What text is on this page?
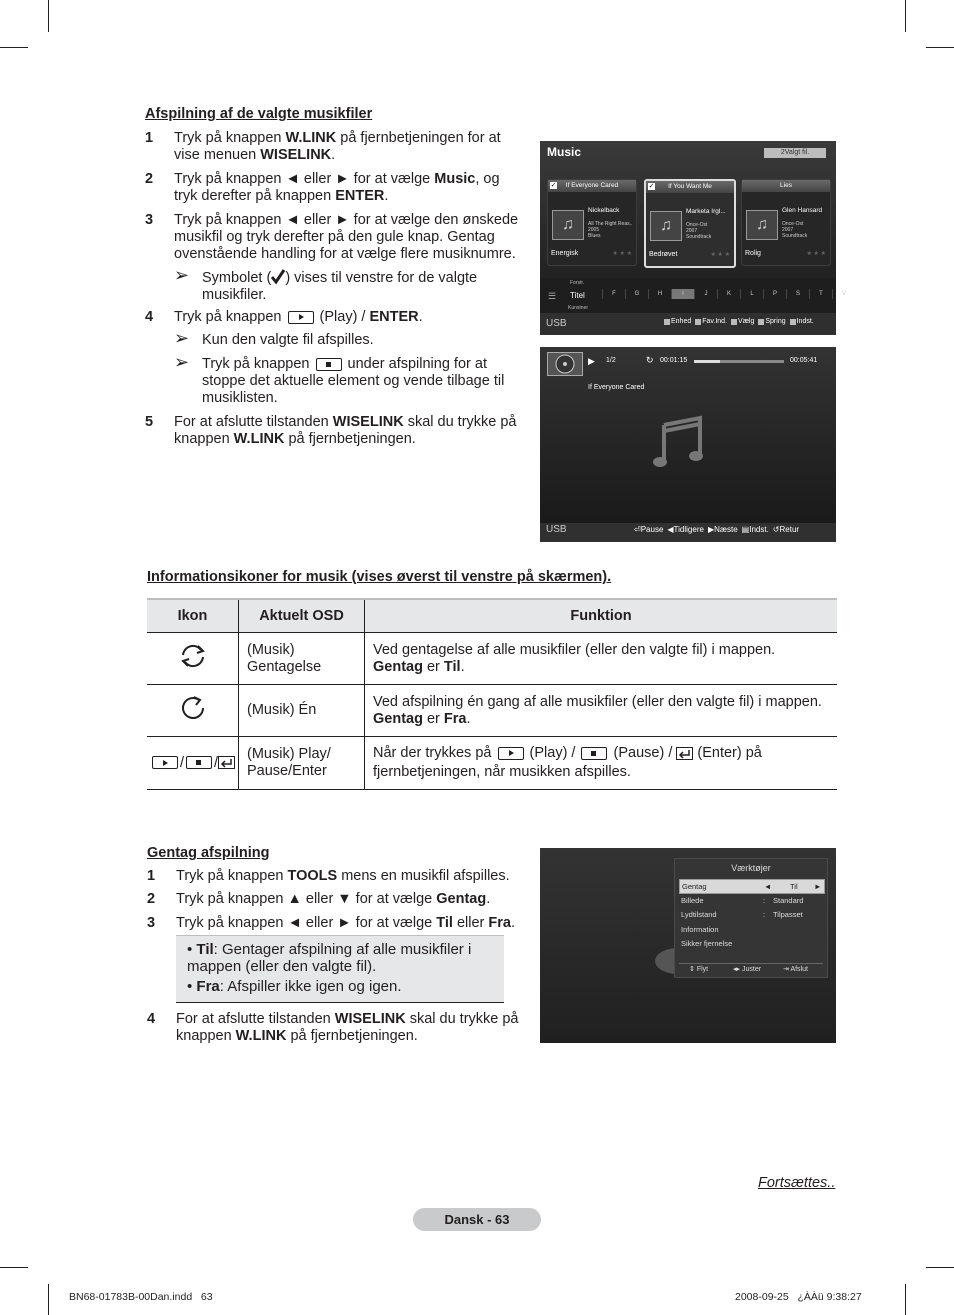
Afspilning af de valgte musikfiler
1 Tryk på knappen W.LINK på fjernbetjeningen for at vise menuen WISELINK.
2 Tryk på knappen ◄ eller ► for at vælge Music, og tryk derefter på knappen ENTER.
3 Tryk på knappen ◄ eller ► for at vælge den ønskede musikfil og tryk derefter på den gule knap. Gentag ovenstående handling for at vælge flere musiknumre.
5 For at afslutte tilstanden WISELINK skal du trykke på knappen W.LINK på fjernbetjeningen.
4 Tryk på knappen  (Play) / ENTER.
➢ Symbolet ( ) vises til venstre for de valgte musikfiler.
➢ Kun den valgte fil afspilles.
➢ Tryk på knappen  under afspilning for at stoppe det aktuelle element og vende tilbage til musiklisten.
Music	2Valgt fil.
If Everyone Cared
✓
♫
Nickelback
All The Right Reas..
2005
Blues
Energisk	★ ★ ★
If You Want Me
✓
♫
Marketa Irgl...
Once-Ost
2007
Soundtrack
Bedrøvet	★ ★ ★
Lies
♫
Glen Hansard
Once-Ost
2007
Soundtrack
Rolig	★ ★ ★
Forstr.
☰ Titel
Kunstner
F	G	H	I	J	K	L	P	S	T	V
USB	Enhed Fav.Ind. Vælg Spring Indst.
▶ 1/2	↻ 00:01:15	00:05:41
If Everyone Cared
USB	⏎Pause ◀Tidligere ▶Næste ▤Indst. ↺Retur
Informationsikoner for musik (vises øverst til venstre på skærmen).
Ikon	Aktuelt OSD	Funktion
	(Musik)
Gentagelse	Ved gentagelse af alle musikfiler (eller den valgte fil) i mappen. Gentag er Til.
	(Musik) Én	Ved afspilning én gang af alle musikfiler (eller den valgte fil) i mappen. Gentag er Fra.
/ /	(Musik) Play/
Pause/Enter	Når der trykkes på  (Play) /  (Pause) /  (Enter) på fjernbetjeningen, når musikken afspilles.
Gentag afspilning
1 Tryk på knappen TOOLS mens en musikfil afspilles.
2 Tryk på knappen ▲ eller ▼ for at vælge Gentag.
3 Tryk på knappen ◄ eller ► for at vælge Til eller Fra.
4 For at afslutte tilstanden WISELINK skal du trykke på knappen W.LINK på fjernbetjeningen.
• Til: Gentager afspilning af alle musikfiler i mappen (eller den valgte fil).
• Fra: Afspiller ikke igen og igen.
Værktøjer
Gentag	◄ Til ►
Billede	: Standard
Lydtilstand	: Tilpasset
Information
Sikker fjernelse
⇕ Flyt	◂▸ Juster	⇥ Afslut
Fortsættes..
Dansk - 63
BN68-01783B-00Dan.indd   63	2008-09-25   ¿ÀÀü 9:38:27
